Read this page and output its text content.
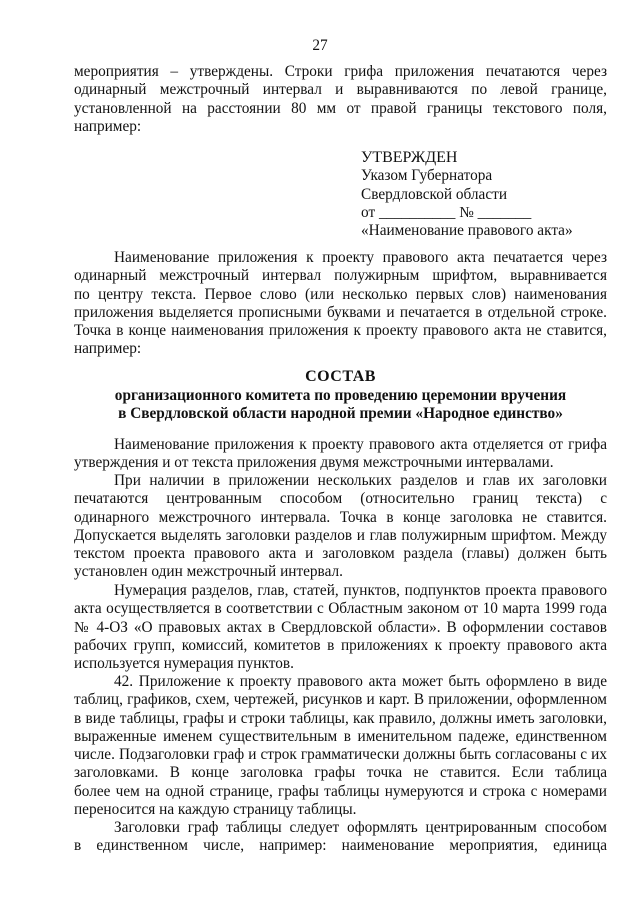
27
мероприятия – утверждены. Строки грифа приложения печатаются через
одинарный межстрочный интервал и выравниваются по левой границе,
установленной на расстоянии 80 мм от правой границы текстового поля,
например:
УТВЕРЖДЕН
Указом Губернатора
Свердловской области
от __________ № _______
«Наименование правового акта»
Наименование приложения к проекту правового акта печатается через
одинарный межстрочный интервал полужирным шрифтом, выравнивается
по центру текста. Первое слово (или несколько первых слов) наименования
приложения выделяется прописными буквами и печатается в отдельной строке.
Точка в конце наименования приложения к проекту правового акта не ставится,
например:
СОСТАВ
организационного комитета по проведению церемонии вручения
в Свердловской области народной премии «Народное единство»
Наименование приложения к проекту правового акта отделяется от грифа
утверждения и от текста приложения двумя межстрочными интервалами.
При наличии в приложении нескольких разделов и глав их заголовки
печатаются центрованным способом (относительно границ текста) с
одинарного межстрочного интервала. Точка в конце заголовка не ставится.
Допускается выделять заголовки разделов и глав полужирным шрифтом. Между
текстом проекта правового акта и заголовком раздела (главы) должен быть
установлен один межстрочный интервал.
Нумерация разделов, глав, статей, пунктов, подпунктов проекта правового
акта осуществляется в соответствии с Областным законом от 10 марта 1999 года
№ 4-ОЗ «О правовых актах в Свердловской области». В оформлении составов
рабочих групп, комиссий, комитетов в приложениях к проекту правового акта
используется нумерация пунктов.
42. Приложение к проекту правового акта может быть оформлено в виде
таблиц, графиков, схем, чертежей, рисунков и карт. В приложении, оформленном
в виде таблицы, графы и строки таблицы, как правило, должны иметь заголовки,
выраженные именем существительным в именительном падеже, единственном
числе. Подзаголовки граф и строк грамматически должны быть согласованы с их
заголовками. В конце заголовка графы точка не ставится. Если таблица
более чем на одной странице, графы таблицы нумеруются и строка с номерами
переносится на каждую страницу таблицы.
Заголовки граф таблицы следует оформлять центрированным способом
в единственном числе, например: наименование мероприятия, единица
